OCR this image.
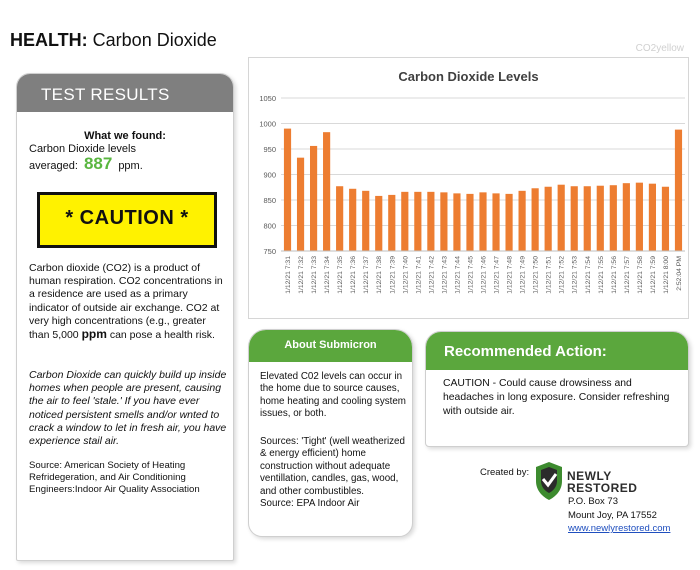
HEALTH: Carbon Dioxide	CO2yellow
TEST RESULTS
What we found:
Carbon Dioxide levels
averaged: 887 ppm.
* CAUTION *
Carbon dioxide (CO2) is a product of human respiration. CO2 concentrations in a residence are used as a primary indicator of outside air exchange. CO2 at very high concentrations (e.g., greater than 5,000 ppm can pose a health risk.
Carbon Dioxide can quickly build up inside homes when people are present, causing the air to feel 'stale.' If you have ever noticed persistent smells and/or wnted to crack a window to let in fresh air, you have experience stail air.
Source: American Society of Heating Refridegeration, and Air Conditioning Engineers:Indoor Air Quality Association
750
800
850
900
950
1000
1050
1/12/21 7:31 1/12/21 7:32 1/12/21 7:33 1/12/21 7:34 1/12/21 7:35 1/12/21 7:36 1/12/21 7:37 1/12/21 7:38 1/12/21 7:39 1/12/21 7:40 1/12/21 7:41 1/12/21 7:42 1/12/21 7:43 1/12/21 7:44 1/12/21 7:45 1/12/21 7:46 1/12/21 7:47 1/12/21 7:48 1/12/21 7:49 1/12/21 7:50 1/12/21 7:51 1/12/21 7:52 1/12/21 7:53 1/12/21 7:54 1/12/21 7:55 1/12/21 7:56 1/12/21 7:57 1/12/21 7:58 1/12/21 7:59 1/12/21 8:00 2:52:04 PM
Carbon Dioxide Levels
About Submicron
Elevated C02 levels can occur in the home due to source causes, home heating and cooling system issues, or both.
Sources: 'Tight' (well weatherized & energy efficient) home construction without adequate ventillation, candles, gas, wood, and other combustibles.
Source: EPA Indoor Air
Recommended Action:
CAUTION - Could cause drowsiness and headaches in long exposure. Consider refreshing with outside air.
Created by:	NEWLY
RESTORED
P.O. Box 73
Mount Joy, PA 17552
www.newlyrestored.com
